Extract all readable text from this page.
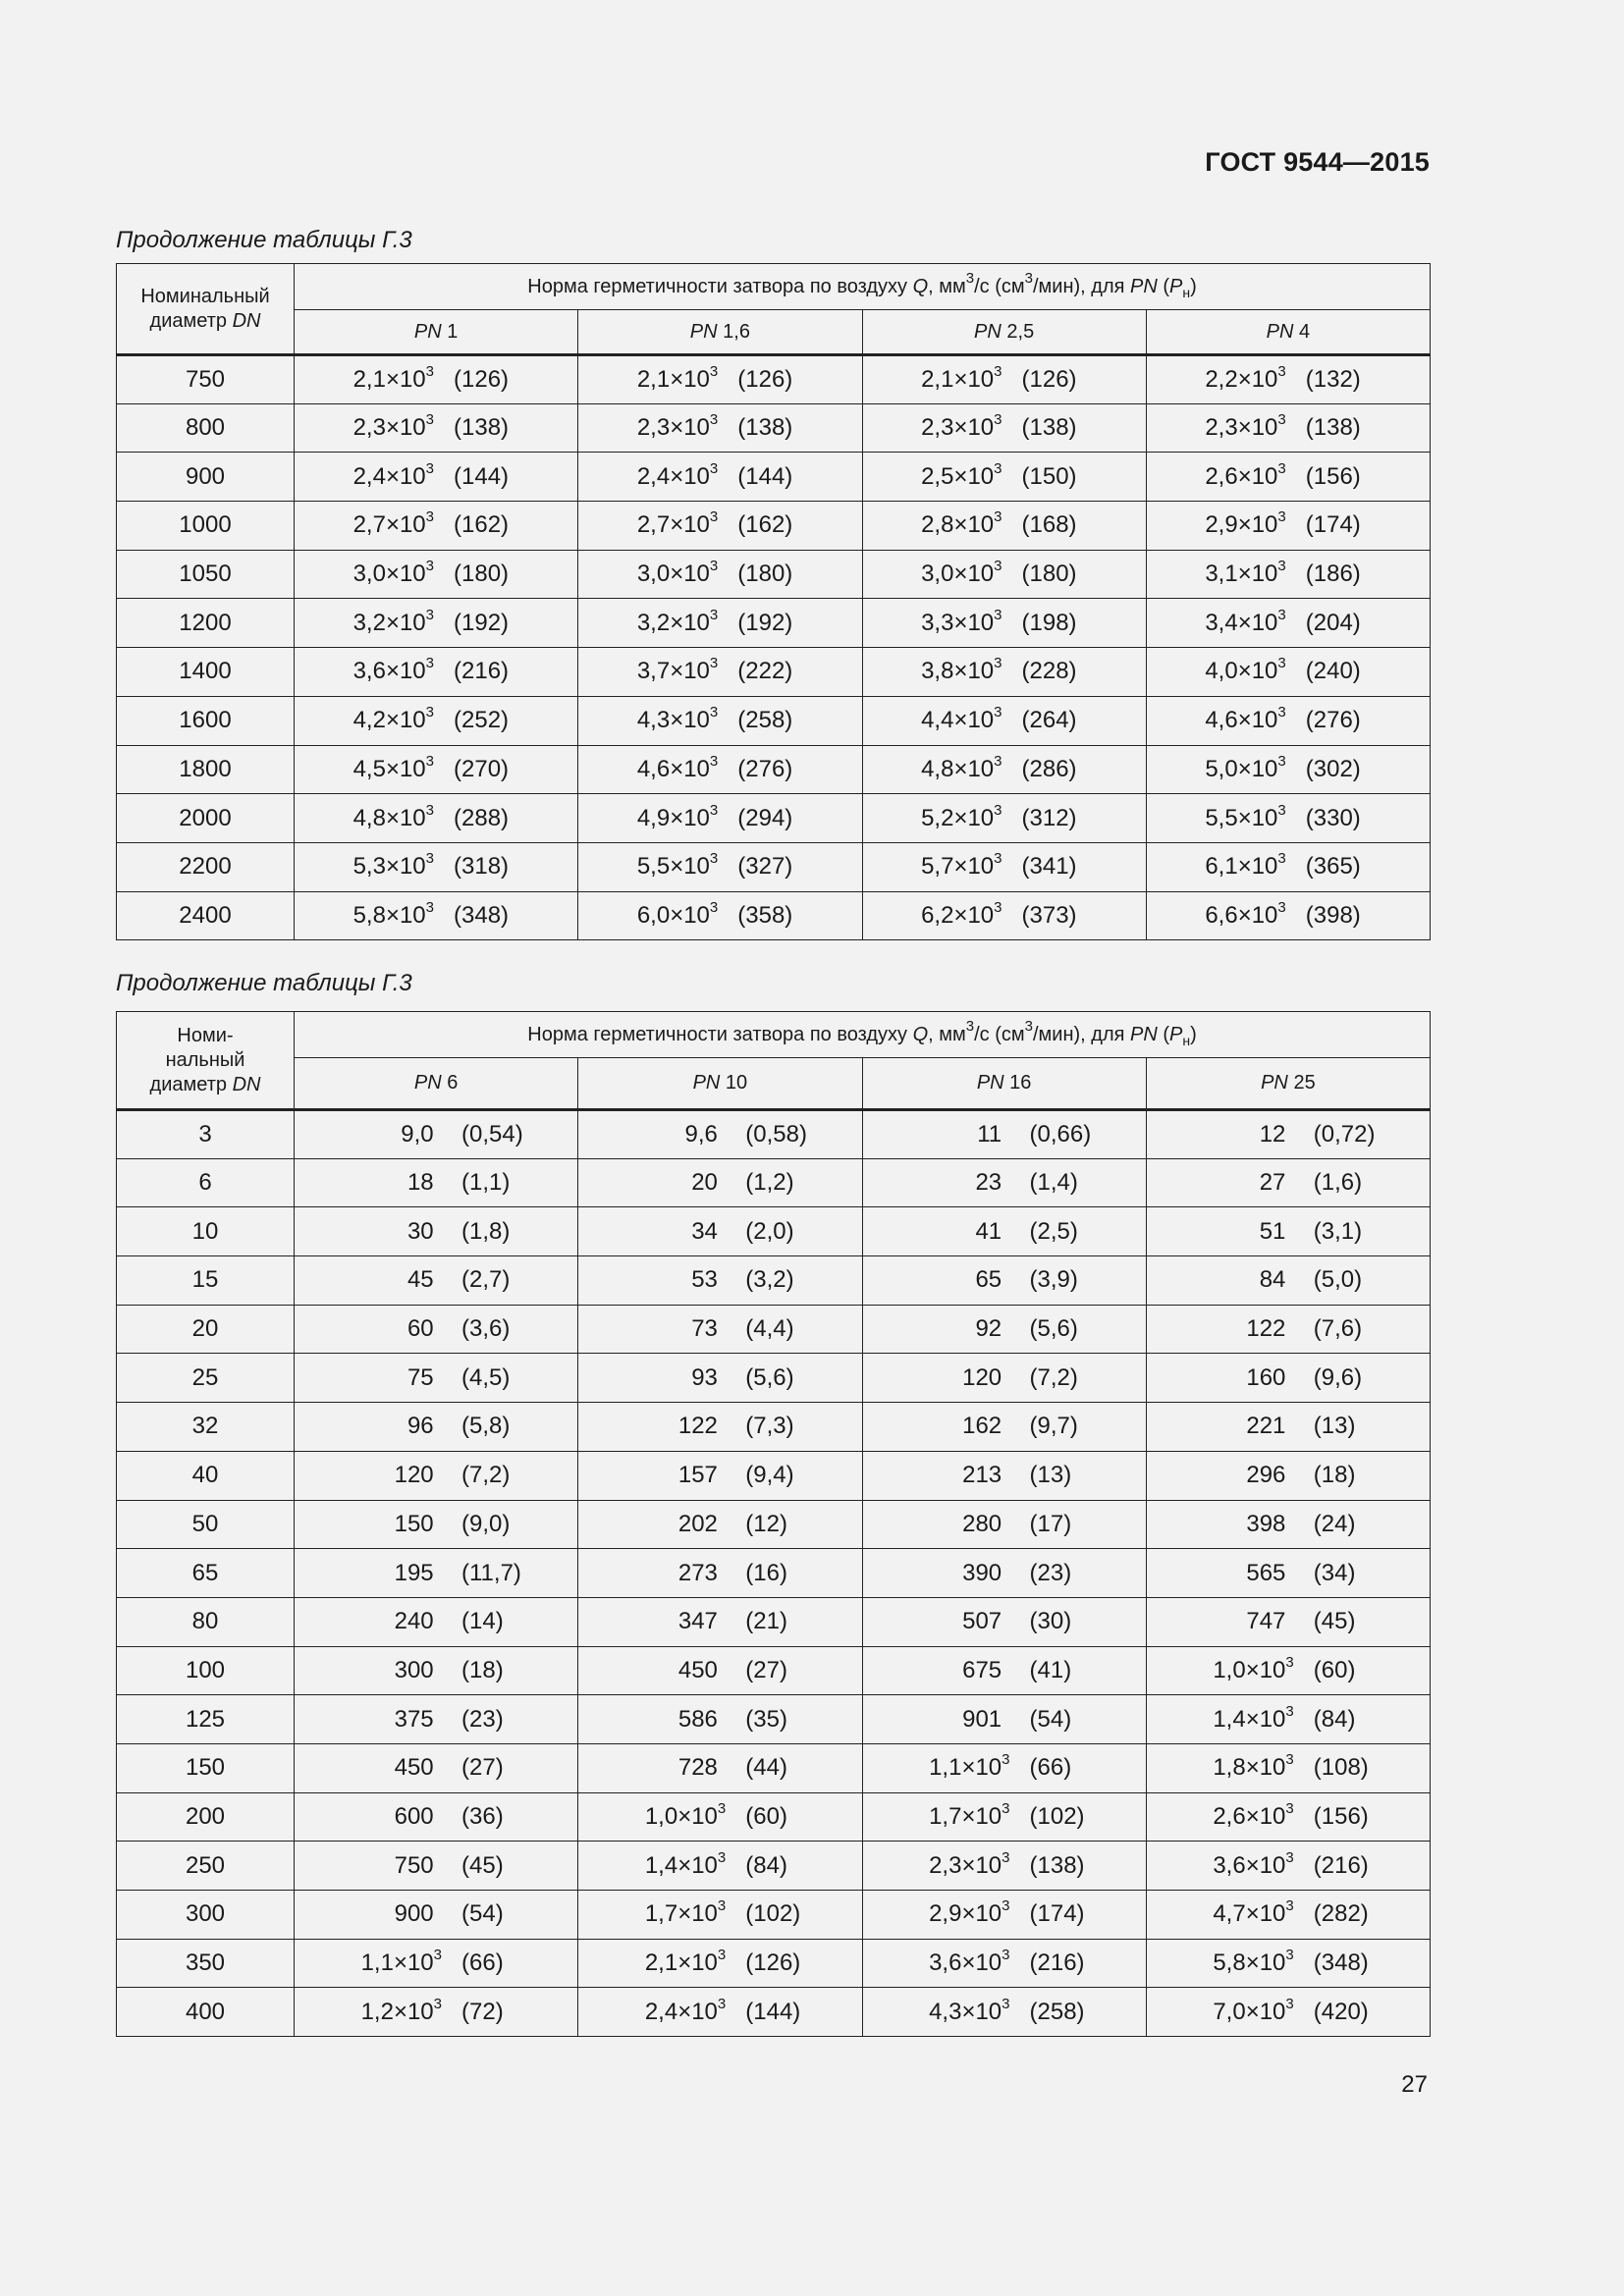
ГОСТ 9544—2015
Продолжение таблицы Г.3
Номинальный
диаметр DN	Норма герметичности затвора по воздуху Q, $мм^3/с$ $(см^3/мин)$, для PN $(P_н)$			
	PN 1	PN 1,6	PN 2,5	PN 4
750	$2,1\times 10^3$ (126)	$2,1\times 10^3$ (126)	$2,1\times 10^3$ (126)	$2,2\times 10^3$ (132)

800	$2,3\times 10^3$ (138)	$2,3\times 10^3$ (138)	$2,3\times 10^3$ (138)	$2,3\times 10^3$ (138)

900	$2,4\times 10^3$ (144)	$2,4\times 10^3$ (144)	$2,5\times 10^3$ (150)	$2,6\times 10^3$ (156)

1000	$2,7\times 10^3$ (162)	$2,7\times 10^3$ (162)	$2,8\times 10^3$ (168)	$2,9\times 10^3$ (174)

1050	$3,0\times 10^3$ (180)	$3,0\times 10^3$ (180)	$3,0\times 10^3$ (180)	$3,1\times 10^3$ (186)

1200	$3,2\times 10^3$ (192)	$3,2\times 10^3$ (192)	$3,3\times 10^3$ (198)	$3,4\times 10^3$ (204)

1400	$3,6\times 10^3$ (216)	$3,7\times 10^3$ (222)	$3,8\times 10^3$ (228)	$4,0\times 10^3$ (240)

1600	$4,2\times 10^3$ (252)	$4,3\times 10^3$ (258)	$4,4\times 10^3$ (264)	$4,6\times 10^3$ (276)

1800	$4,5\times 10^3$ (270)	$4,6\times 10^3$ (276)	$4,8\times 10^3$ (286)	$5,0\times 10^3$ (302)

2000	$4,8\times 10^3$ (288)	$4,9\times 10^3$ (294)	$5,2\times 10^3$ (312)	$5,5\times 10^3$ (330)

2200	$5,3\times 10^3$ (318)	$5,5\times 10^3$ (327)	$5,7\times 10^3$ (341)	$6,1\times 10^3$ (365)

2400	$5,8\times 10^3$ (348)	$6,0\times 10^3$ (358)	$6,2\times 10^3$ (373)	$6,6\times 10^3$ (398)
Продолжение таблицы Г.3
Номи-
нальный
диаметр DN	Норма герметичности затвора по воздуху Q, $мм^3/с$ $(см^3/мин)$, для PN $(P_н)$			
	PN 6	PN 10	PN 16	PN 25
3	9,0 (0,54)	9,6 (0,58)	11 (0,66)	12 (0,72)

6	18 (1,1)	20 (1,2)	23 (1,4)	27 (1,6)

10	30 (1,8)	34 (2,0)	41 (2,5)	51 (3,1)

15	45 (2,7)	53 (3,2)	65 (3,9)	84 (5,0)

20	60 (3,6)	73 (4,4)	92 (5,6)	122 (7,6)

25	75 (4,5)	93 (5,6)	120 (7,2)	160 (9,6)

32	96 (5,8)	122 (7,3)	162 (9,7)	221 (13)

40	120 (7,2)	157 (9,4)	213 (13)	296 (18)

50	150 (9,0)	202 (12)	280 (17)	398 (24)

65	195 (11,7)	273 (16)	390 (23)	565 (34)

80	240 (14)	347 (21)	507 (30)	747 (45)

100	300 (18)	450 (27)	675 (41)	$1,0\times 10^3$ (60)

125	375 (23)	586 (35)	901 (54)	$1,4\times 10^3$ (84)

150	450 (27)	728 (44)	$1,1\times 10^3$ (66)	$1,8\times 10^3$ (108)

200	600 (36)	$1,0\times 10^3$ (60)	$1,7\times 10^3$ (102)	$2,6\times 10^3$ (156)

250	750 (45)	$1,4\times 10^3$ (84)	$2,3\times 10^3$ (138)	$3,6\times 10^3$ (216)

300	900 (54)	$1,7\times 10^3$ (102)	$2,9\times 10^3$ (174)	$4,7\times 10^3$ (282)

350	$1,1\times 10^3$ (66)	$2,1\times 10^3$ (126)	$3,6\times 10^3$ (216)	$5,8\times 10^3$ (348)

400	$1,2\times 10^3$ (72)	$2,4\times 10^3$ (144)	$4,3\times 10^3$ (258)	$7,0\times 10^3$ (420)
27
